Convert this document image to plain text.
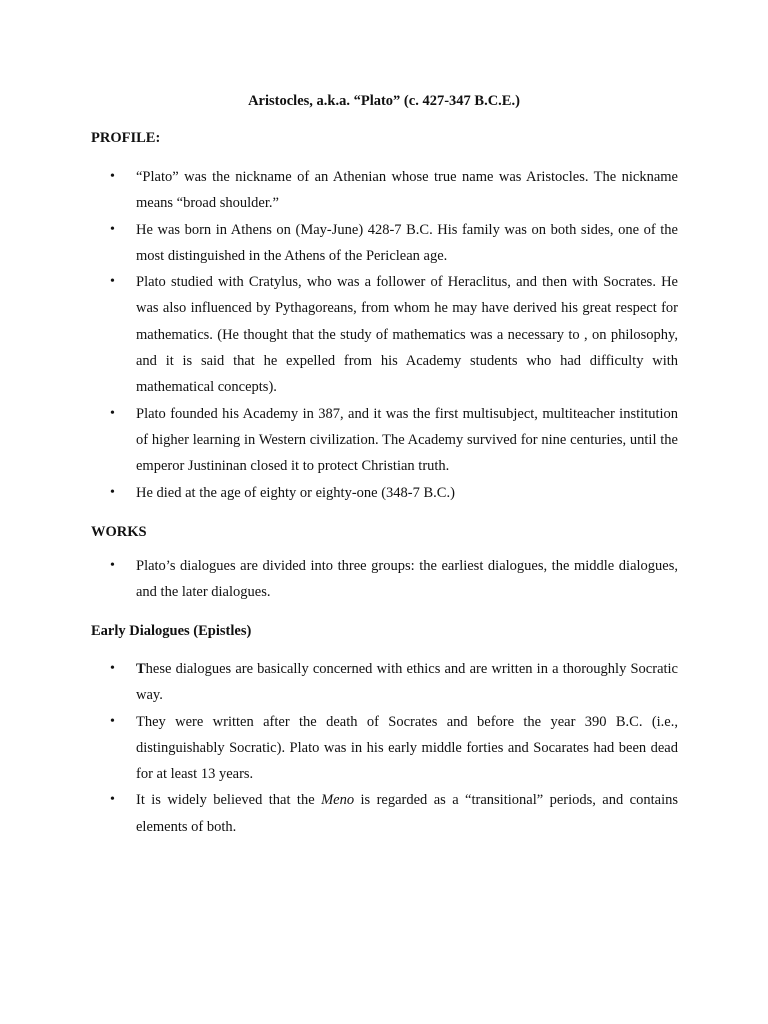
Aristocles, a.k.a. “Plato” (c. 427-347 B.C.E.)
PROFILE:
• “Plato” was the nickname of an Athenian whose true name was Aristocles. The nickname means “broad shoulder.”
• He was born in Athens on (May-June) 428-7 B.C. His family was on both sides, one of the most distinguished in the Athens of the Periclean age.
• Plato studied with Cratylus, who was a follower of Heraclitus, and then with Socrates. He was also influenced by Pythagoreans, from whom he may have derived his great respect for mathematics. (He thought that the study of mathematics was a necessary to , on philosophy, and it is said that he expelled from his Academy students who had difficulty with mathematical concepts).
• Plato founded his Academy in 387, and it was the first multisubject, multiteacher institution of higher learning in Western civilization. The Academy survived for nine centuries, until the emperor Justininan closed it to protect Christian truth.
• He died at the age of eighty or eighty-one (348-7 B.C.)
WORKS
• Plato’s dialogues are divided into three groups: the earliest dialogues, the middle dialogues, and the later dialogues.
Early Dialogues (Epistles)
• These dialogues are basically concerned with ethics and are written in a thoroughly Socratic way.
• They were written after the death of Socrates and before the year 390 B.C. (i.e., distinguishably Socratic). Plato was in his early middle forties and Socarates had been dead for at least 13 years.
• It is widely believed that the Meno is regarded as a “transitional” periods, and contains elements of both.
